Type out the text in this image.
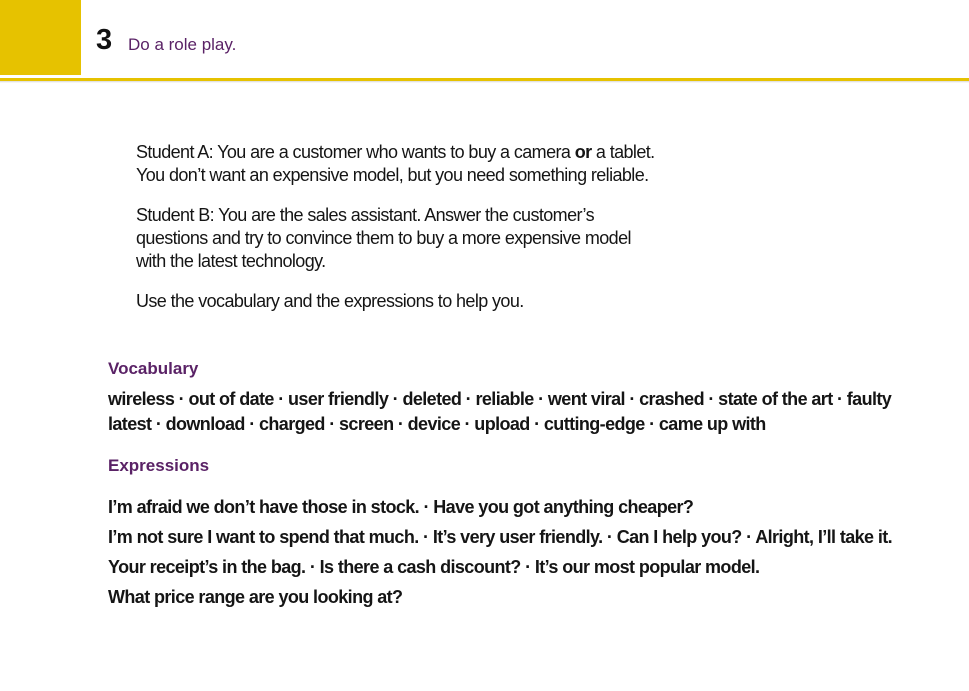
3 Do a role play.

Student A: You are a customer who wants to buy a camera or a tablet.
You don’t want an expensive model, but you need something reliable.

Student B: You are the sales assistant. Answer the customer’s
questions and try to convince them to buy a more expensive model
with the latest technology.

Use the vocabulary and the expressions to help you.

Vocabulary
wireless · out of date · user friendly · deleted · reliable · went viral · crashed · state of the art · faulty
latest · download · charged · screen · device · upload · cutting-edge · came up with
Expressions
I’m afraid we don’t have those in stock. · Have you got anything cheaper?
I’m not sure I want to spend that much. · It’s very user friendly. · Can I help you? · Alright, I’ll take it.
Your receipt’s in the bag. · Is there a cash discount? · It’s our most popular model.
What price range are you looking at?
